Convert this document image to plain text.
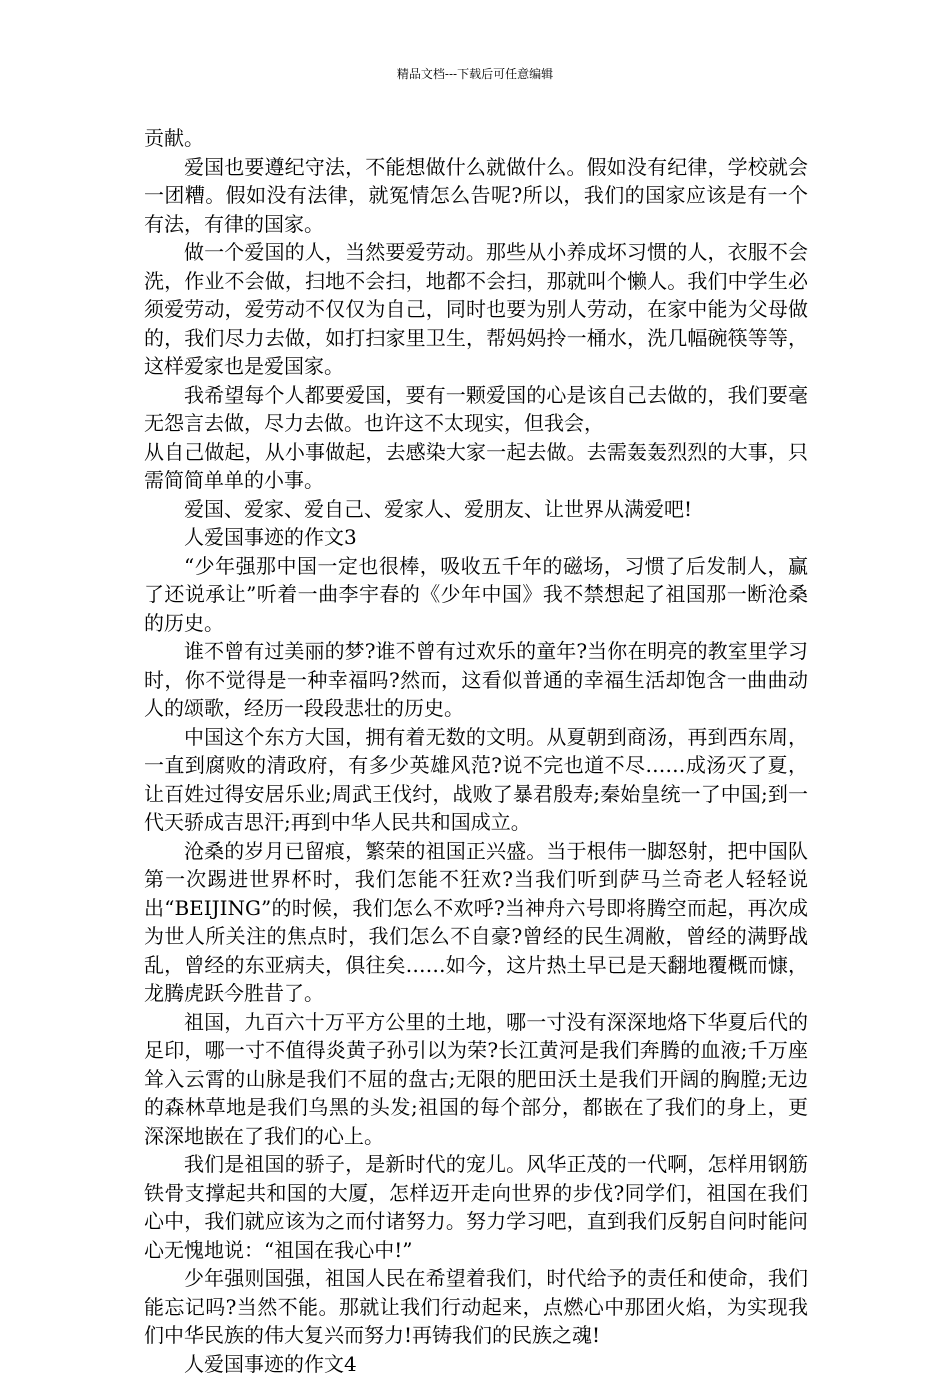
精品文档---下载后可任意编辑

贡献。

爱国也要遵纪守法，不能想做什么就做什么。假如没有纪律，学校就会一团糟。假如没有法律，就冤情怎么告呢?所以，我们的国家应该是有一个有法，有律的国家。

做一个爱国的人，当然要爱劳动。那些从小养成坏习惯的人，衣服不会洗，作业不会做，扫地不会扫，地都不会扫，那就叫个懒人。我们中学生必须爱劳动，爱劳动不仅仅为自己，同时也要为别人劳动，在家中能为父母做的，我们尽力去做，如打扫家里卫生，帮妈妈拎一桶水，洗几幅碗筷等等，这样爱家也是爱国家。

我希望每个人都要爱国，要有一颗爱国的心是该自己去做的，我们要毫无怨言去做，尽力去做。也许这不太现实，但我会，

从自己做起，从小事做起，去感染大家一起去做。去需轰轰烈烈的大事，只需简简单单的小事。

爱国、爱家、爱自己、爱家人、爱朋友、让世界从满爱吧!

人爱国事迹的作文3

“少年强那中国一定也很棒，吸收五千年的磁场，习惯了后发制人，赢了还说承让”听着一曲李宇春的《少年中国》我不禁想起了祖国那一断沧桑的历史。

谁不曾有过美丽的梦?谁不曾有过欢乐的童年?当你在明亮的教室里学习时，你不觉得是一种幸福吗?然而，这看似普通的幸福生活却饱含一曲曲动人的颂歌，经历一段段悲壮的历史。

中国这个东方大国，拥有着无数的文明。从夏朝到商汤，再到西东周，一直到腐败的清政府，有多少英雄风范?说不完也道不尽……成汤灭了夏，让百姓过得安居乐业;周武王伐纣，战败了暴君殷寿;秦始皇统一了中国;到一代天骄成吉思汗;再到中华人民共和国成立。

沧桑的岁月已留痕，繁荣的祖国正兴盛。当于根伟一脚怒射，把中国队第一次踢进世界杯时，我们怎能不狂欢?当我们听到萨马兰奇老人轻轻说出“BEIJING”的时候，我们怎么不欢呼?当神舟六号即将腾空而起，再次成为世人所关注的焦点时，我们怎么不自豪?曾经的民生凋敝，曾经的满野战乱，曾经的东亚病夫，俱往矣……如今，这片热土早已是天翻地覆概而慷，龙腾虎跃今胜昔了。

祖国，九百六十万平方公里的土地，哪一寸没有深深地烙下华夏后代的足印，哪一寸不值得炎黄子孙引以为荣?长江黄河是我们奔腾的血液;千万座耸入云霄的山脉是我们不屈的盘古;无限的肥田沃土是我们开阔的胸膛;无边的森林草地是我们乌黑的头发;祖国的每个部分，都嵌在了我们的身上，更深深地嵌在了我们的心上。

我们是祖国的骄子，是新时代的宠儿。风华正茂的一代啊，怎样用钢筋铁骨支撑起共和国的大厦，怎样迈开走向世界的步伐?同学们，祖国在我们心中，我们就应该为之而付诸努力。努力学习吧，直到我们反躬自问时能问心无愧地说：“祖国在我心中!”

少年强则国强，祖国人民在希望着我们，时代给予的责任和使命，我们能忘记吗?当然不能。那就让我们行动起来，点燃心中那团火焰，为实现我们中华民族的伟大复兴而努力!再铸我们的民族之魂!

人爱国事迹的作文4
